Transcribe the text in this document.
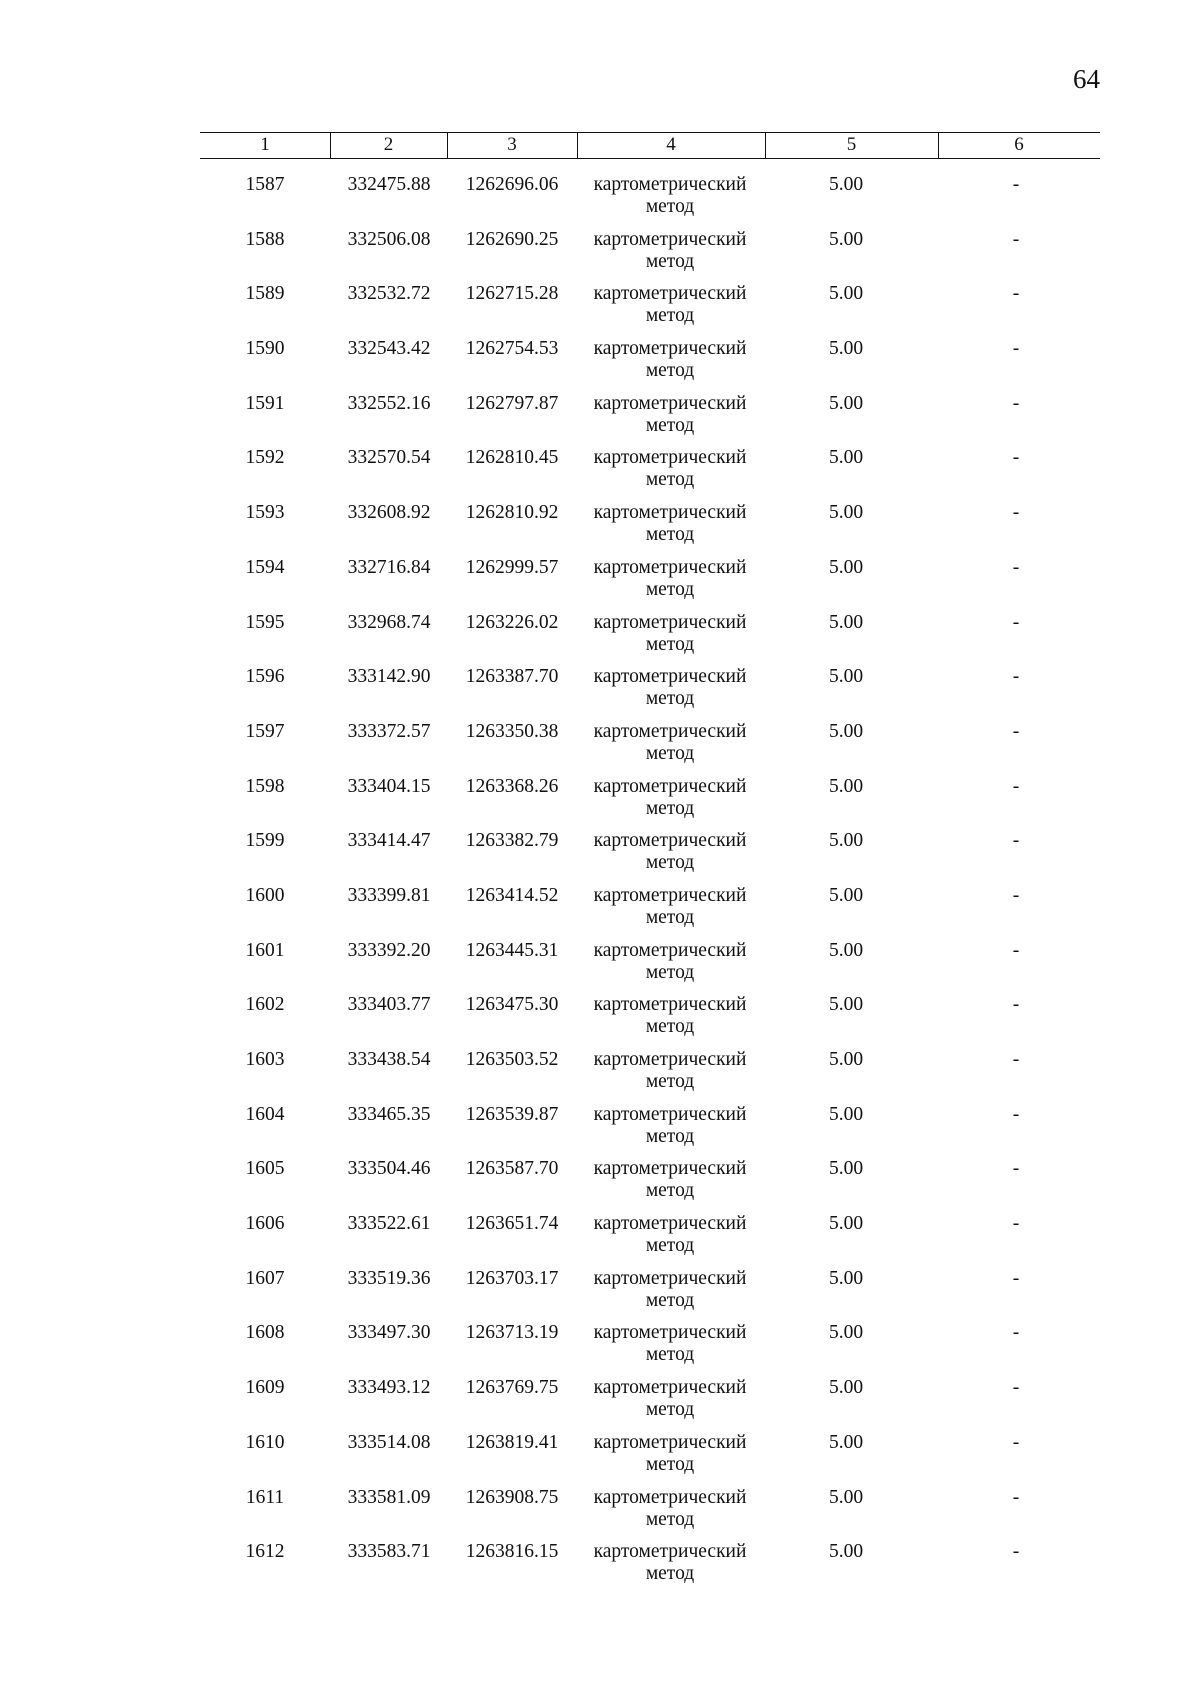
64
1	2	3	4	5	6
1587	332475.88	1262696.06	картометрический
метод
5.00	-
1588	332506.08	1262690.25	картометрический
метод
5.00	-
1589	332532.72	1262715.28	картометрический
метод
5.00	-
1590	332543.42	1262754.53	картометрический
метод
5.00	-
1591	332552.16	1262797.87	картометрический
метод
5.00	-
1592	332570.54	1262810.45	картометрический
метод
5.00	-
1593	332608.92	1262810.92	картометрический
метод
5.00	-
1594	332716.84	1262999.57	картометрический
метод
5.00	-
1595	332968.74	1263226.02	картометрический
метод
5.00	-
1596	333142.90	1263387.70	картометрический
метод
5.00	-
1597	333372.57	1263350.38	картометрический
метод
5.00	-
1598	333404.15	1263368.26	картометрический
метод
5.00	-
1599	333414.47	1263382.79	картометрический
метод
5.00	-
1600	333399.81	1263414.52	картометрический
метод
5.00	-
1601	333392.20	1263445.31	картометрический
метод
5.00	-
1602	333403.77	1263475.30	картометрический
метод
5.00	-
1603	333438.54	1263503.52	картометрический
метод
5.00	-
1604	333465.35	1263539.87	картометрический
метод
5.00	-
1605	333504.46	1263587.70	картометрический
метод
5.00	-
1606	333522.61	1263651.74	картометрический
метод
5.00	-
1607	333519.36	1263703.17	картометрический
метод
5.00	-
1608	333497.30	1263713.19	картометрический
метод
5.00	-
1609	333493.12	1263769.75	картометрический
метод
5.00	-
1610	333514.08	1263819.41	картометрический
метод
5.00	-
1611	333581.09	1263908.75	картометрический
метод
5.00	-
1612	333583.71	1263816.15	картометрический
метод
5.00	-
